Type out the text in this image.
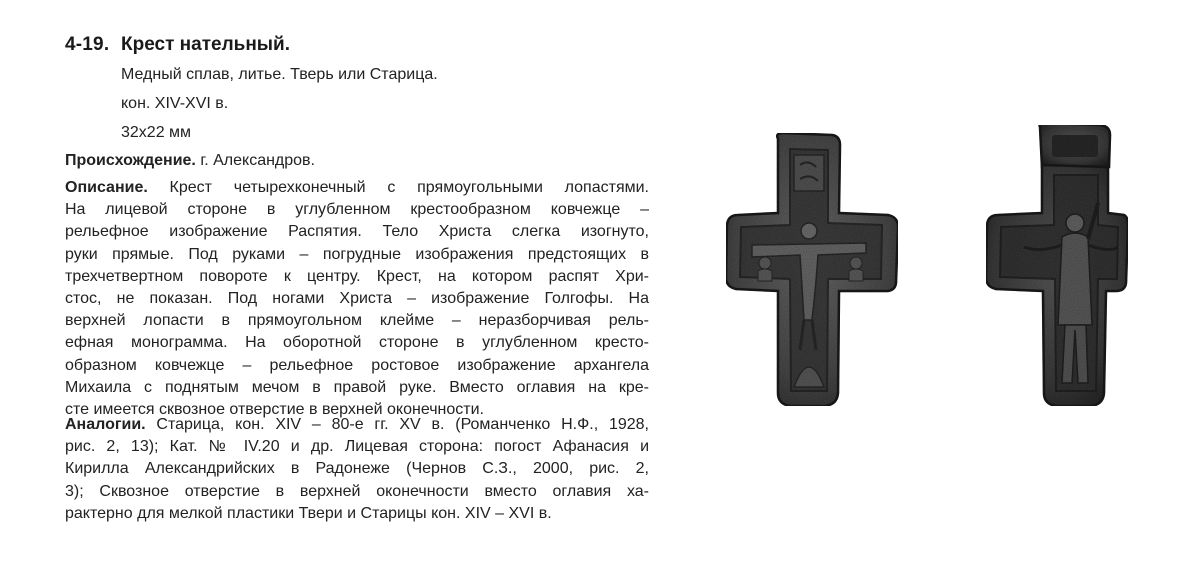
4-19. Крест нательный.
Медный сплав, литье. Тверь или Старица.
кон. XIV-XVI в.
32х22 мм
Происхождение. г. Александров.
Описание. Крест четырехконечный с прямоугольными лопастями.
На лицевой стороне в углубленном крестообразном ковчежце –
рельефное изображение Распятия. Тело Христа слегка изогнуто,
руки прямые. Под руками – погрудные изображения предстоящих в
трехчетвертном повороте к центру. Крест, на котором распят Хри-
стос, не показан. Под ногами Христа – изображение Голгофы. На
верхней лопасти в прямоугольном клейме – неразборчивая рель-
ефная монограмма. На оборотной стороне в углубленном кресто-
образном ковчежце – рельефное ростовое изображение архангела
Михаила с поднятым мечом в правой руке. Вместо оглавия на кре-
сте имеется сквозное отверстие в верхней оконечности.
Аналогии. Старица, кон. XIV – 80-е гг. XV в. (Романченко Н.Ф., 1928,
рис. 2, 13); Кат. № IV.20 и др. Лицевая сторона: погост Афанасия и
Кирилла Александрийских в Радонеже (Чернов С.З., 2000, рис. 2,
3); Сквозное отверстие в верхней оконечности вместо оглавия ха-
рактерно для мелкой пластики Твери и Старицы кон. XIV – XVI в.
